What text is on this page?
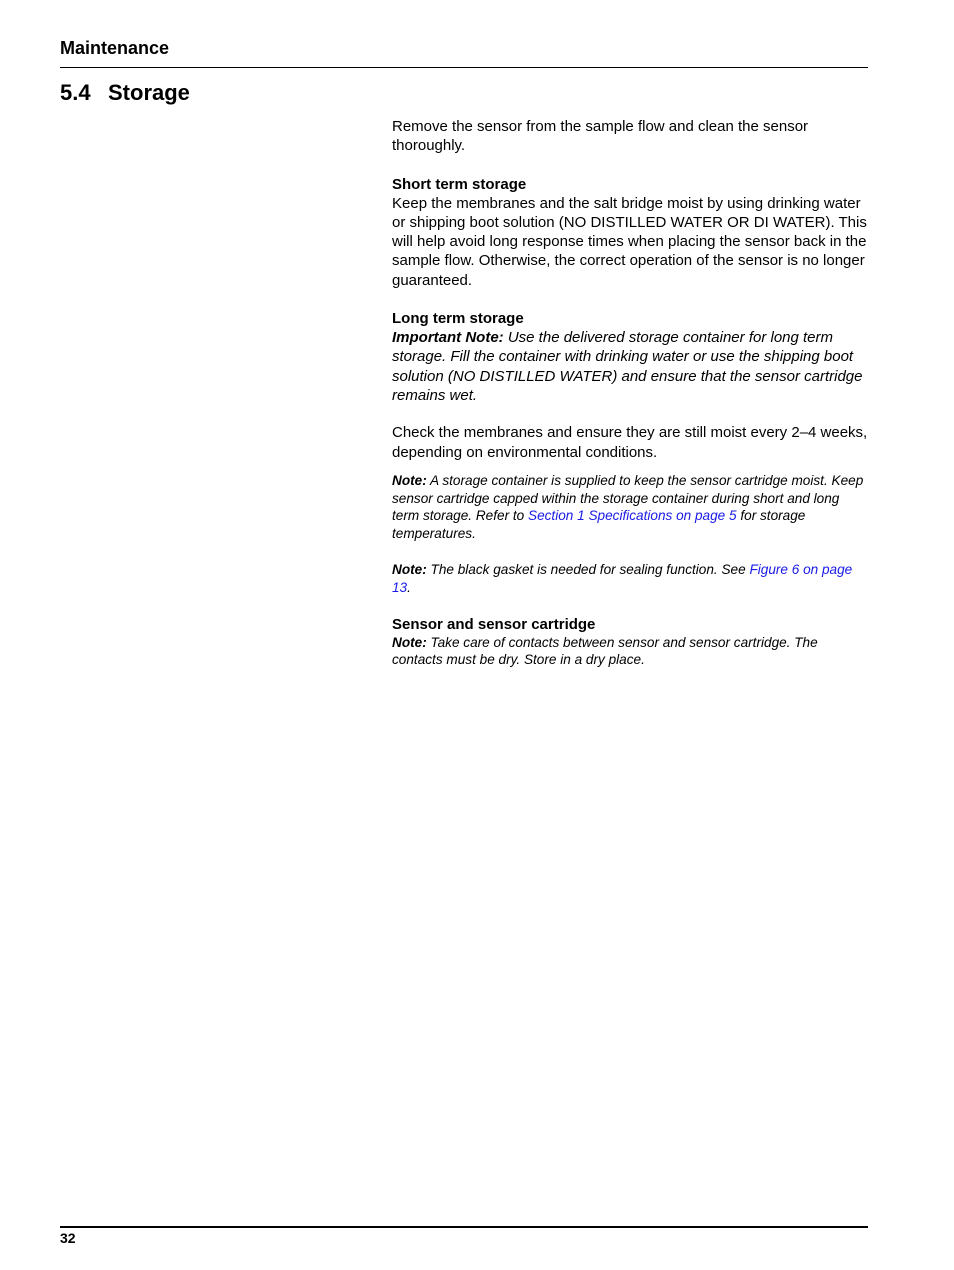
Maintenance
5.4 Storage

Remove the sensor from the sample flow and clean the sensor thoroughly.

Short term storage

Keep the membranes and the salt bridge moist by using drinking water or shipping boot solution (NO DISTILLED WATER OR DI WATER). This will help avoid long response times when placing the sensor back in the sample flow. Otherwise, the correct operation of the sensor is no longer guaranteed.

Long term storage

Important Note: Use the delivered storage container for long term storage. Fill the container with drinking water or use the shipping boot solution (NO DISTILLED WATER) and ensure that the sensor cartridge remains wet.

Check the membranes and ensure they are still moist every 2–4 weeks, depending on environmental conditions.

Note: A storage container is supplied to keep the sensor cartridge moist. Keep sensor cartridge capped within the storage container during short and long term storage. Refer to Section 1 Specifications on page 5 for storage temperatures.

Note: The black gasket is needed for sealing function. See Figure 6 on page 13.

Sensor and sensor cartridge

Note: Take care of contacts between sensor and sensor cartridge. The contacts must be dry. Store in a dry place.

32
